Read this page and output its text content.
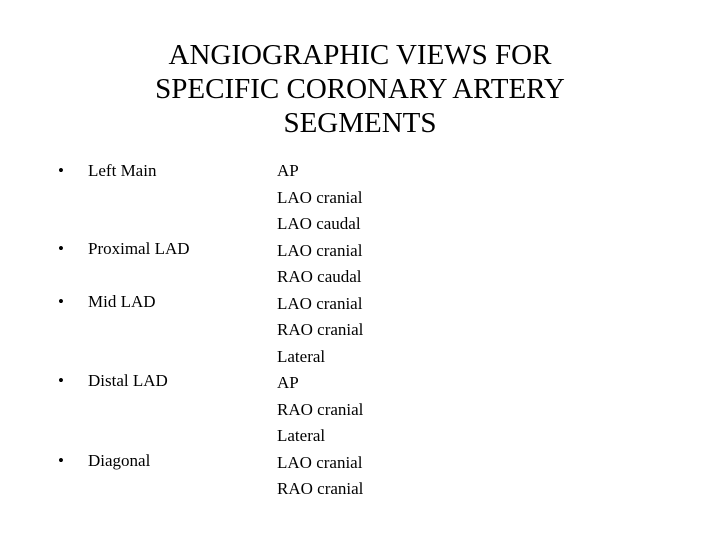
ANGIOGRAPHIC VIEWS FOR
SPECIFIC CORONARY ARTERY
SEGMENTS
• Left Main
• Proximal LAD
• Mid LAD
• Distal LAD
• Diagonal
AP
LAO cranial
LAO caudal
LAO cranial
RAO caudal
LAO cranial
RAO cranial
Lateral
AP
RAO cranial
Lateral
LAO cranial
RAO cranial
